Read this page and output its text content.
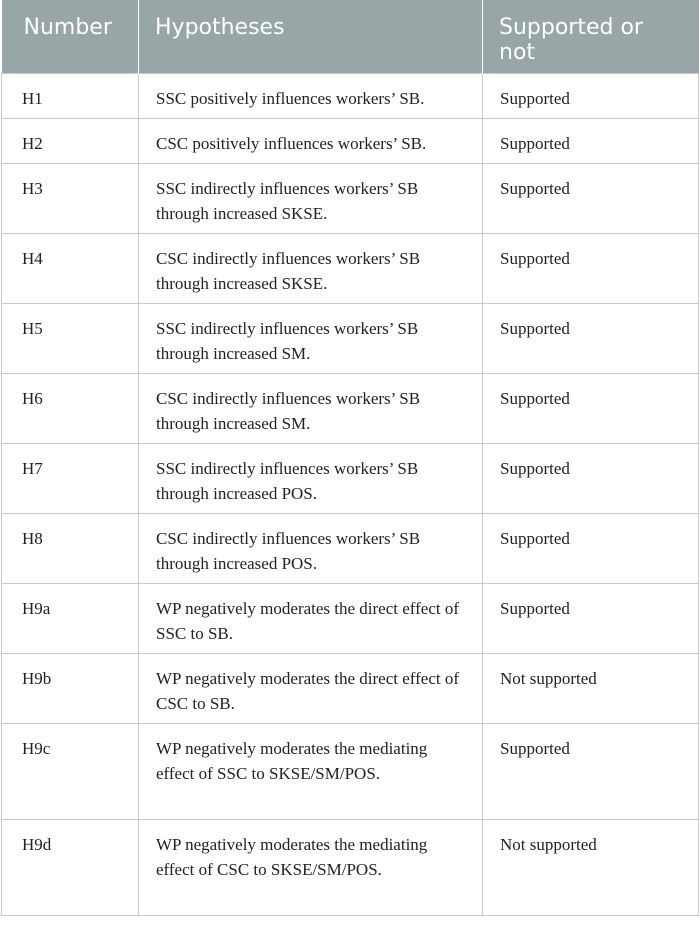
Number	Hypotheses	Supported or not
H1	SSC positively influences workers’ SB.	Supported
H2	CSC positively influences workers’ SB.	Supported
H3	SSC indirectly influences workers’ SB through increased SKSE.	Supported
H4	CSC indirectly influences workers’ SB through increased SKSE.	Supported
H5	SSC indirectly influences workers’ SB through increased SM.	Supported
H6	CSC indirectly influences workers’ SB through increased SM.	Supported
H7	SSC indirectly influences workers’ SB through increased POS.	Supported
H8	CSC indirectly influences workers’ SB through increased POS.	Supported
H9a	WP negatively moderates the direct effect of SSC to SB.	Supported
H9b	WP negatively moderates the direct effect of CSC to SB.	Not supported
H9c	WP negatively moderates the mediating effect of SSC to SKSE/SM/POS.	Supported
H9d	WP negatively moderates the mediating effect of CSC to SKSE/SM/POS.	Not supported
